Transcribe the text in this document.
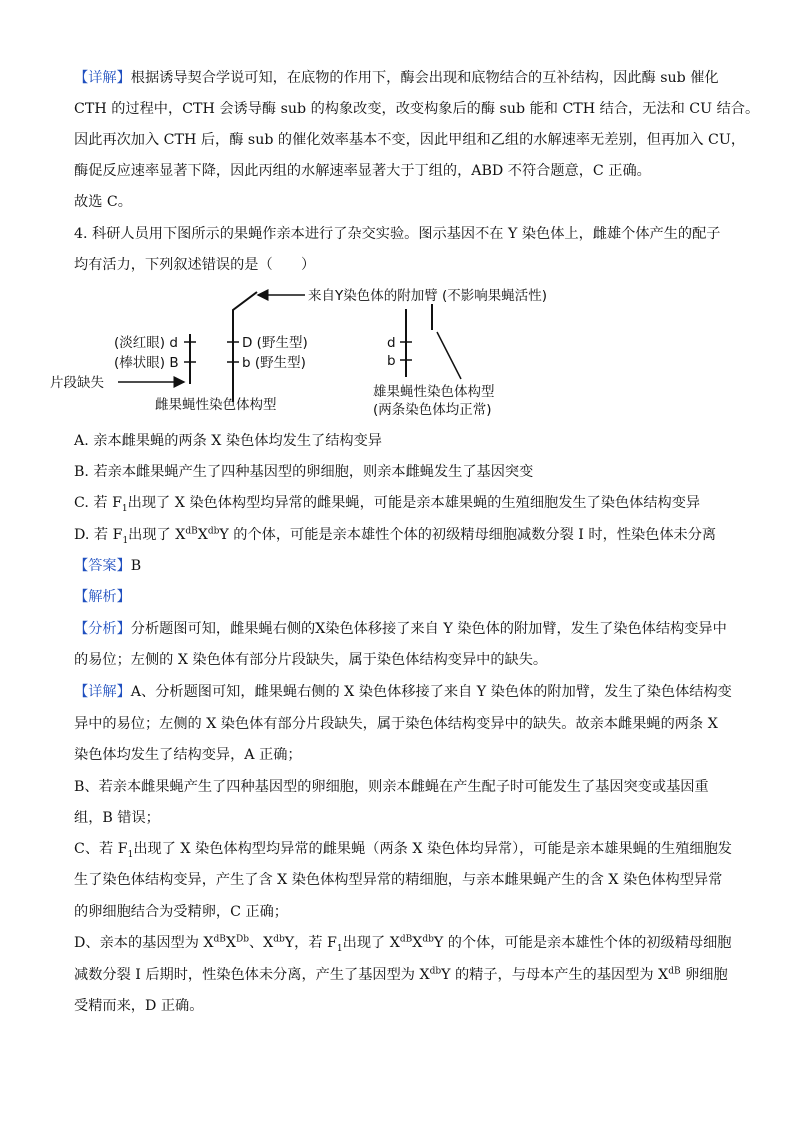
【详解】根据诱导契合学说可知，在底物的作用下，酶会出现和底物结合的互补结构，因此酶 sub 催化
CTH 的过程中，CTH 会诱导酶 sub 的构象改变，改变构象后的酶 sub 能和 CTH 结合，无法和 CU 结合。
因此再次加入 CTH 后，酶 sub 的催化效率基本不变，因此甲组和乙组的水解速率无差别，但再加入 CU，
酶促反应速率显著下降，因此丙组的水解速率显著大于丁组的，ABD 不符合题意，C 正确。
故选 C。
4. 科研人员用下图所示的果蝇作亲本进行了杂交实验。图示基因不在 Y 染色体上，雌雄个体产生的配子
均有活力，下列叙述错误的是（　　）
来自Y染色体的附加臂 (不影响果蝇活性)
(淡红眼) d
(棒状眼) B
D (野生型)
b (野生型)
片段缺失
雌果蝇性染色体构型
d
b
雄果蝇性染色体构型
(两条染色体均正常)
A. 亲本雌果蝇的两条 X 染色体均发生了结构变异
B. 若亲本雌果蝇产生了四种基因型的卵细胞，则亲本雌蝇发生了基因突变
C. 若 $F_1$出现了 X 染色体构型均异常的雌果蝇，可能是亲本雄果蝇的生殖细胞发生了染色体结构变异
D. 若 $F_1$出现了 $X^{dB}X^{db}Y$ 的个体，可能是亲本雄性个体的初级精母细胞减数分裂 I 时，性染色体未分离
【答案】B
【解析】
【分析】分析题图可知，雌果蝇右侧的X染色体移接了来自 Y 染色体的附加臂，发生了染色体结构变异中
的易位；左侧的 X 染色体有部分片段缺失，属于染色体结构变异中的缺失。
【详解】A、分析题图可知，雌果蝇右侧的 X 染色体移接了来自 Y 染色体的附加臂，发生了染色体结构变
异中的易位；左侧的 X 染色体有部分片段缺失，属于染色体结构变异中的缺失。故亲本雌果蝇的两条 X
染色体均发生了结构变异，A 正确；
B、若亲本雌果蝇产生了四种基因型的卵细胞，则亲本雌蝇在产生配子时可能发生了基因突变或基因重
组，B 错误；
C、若 $F_1$出现了 X 染色体构型均异常的雌果蝇（两条 X 染色体均异常），可能是亲本雄果蝇的生殖细胞发
生了染色体结构变异，产生了含 X 染色体构型异常的精细胞，与亲本雌果蝇产生的含 X 染色体构型异常
的卵细胞结合为受精卵，C 正确；
D、亲本的基因型为 $X^{dB}X^{Db}$、$X^{db}Y$，若 $F_1$出现了 $X^{dB}X^{db}Y$ 的个体，可能是亲本雄性个体的初级精母细胞
减数分裂 I 后期时，性染色体未分离，产生了基因型为 $X^{db}Y$ 的精子，与母本产生的基因型为 $X^{dB}$ 卵细胞
受精而来，D 正确。
